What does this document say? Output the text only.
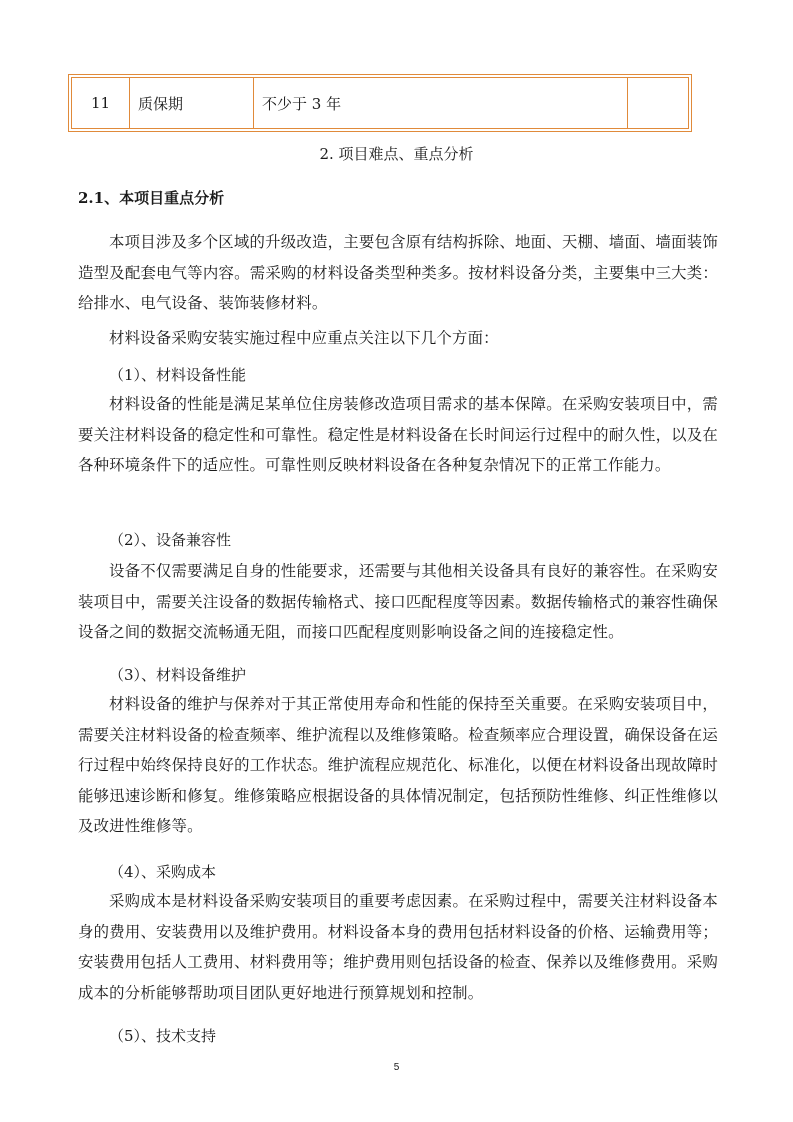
11	质保期	不少于 3 年
2. 项目难点、重点分析
2.1、本项目重点分析

本项目涉及多个区域的升级改造，主要包含原有结构拆除、地面、天棚、墙面、墙面装饰造型及配套电气等内容。需采购的材料设备类型种类多。按材料设备分类，主要集中三大类：给排水、电气设备、装饰装修材料。

材料设备采购安装实施过程中应重点关注以下几个方面：

（1）、材料设备性能

材料设备的性能是满足某单位住房装修改造项目需求的基本保障。在采购安装项目中，需要关注材料设备的稳定性和可靠性。稳定性是材料设备在长时间运行过程中的耐久性，以及在各种环境条件下的适应性。可靠性则反映材料设备在各种复杂情况下的正常工作能力。

（2）、设备兼容性

设备不仅需要满足自身的性能要求，还需要与其他相关设备具有良好的兼容性。在采购安装项目中，需要关注设备的数据传输格式、接口匹配程度等因素。数据传输格式的兼容性确保设备之间的数据交流畅通无阻，而接口匹配程度则影响设备之间的连接稳定性。

（3）、材料设备维护

材料设备的维护与保养对于其正常使用寿命和性能的保持至关重要。在采购安装项目中，需要关注材料设备的检查频率、维护流程以及维修策略。检查频率应合理设置，确保设备在运行过程中始终保持良好的工作状态。维护流程应规范化、标准化，以便在材料设备出现故障时能够迅速诊断和修复。维修策略应根据设备的具体情况制定，包括预防性维修、纠正性维修以及改进性维修等。

（4）、采购成本

采购成本是材料设备采购安装项目的重要考虑因素。在采购过程中，需要关注材料设备本身的费用、安装费用以及维护费用。材料设备本身的费用包括材料设备的价格、运输费用等；安装费用包括人工费用、材料费用等；维护费用则包括设备的检查、保养以及维修费用。采购成本的分析能够帮助项目团队更好地进行预算规划和控制。

（5）、技术支持
5
